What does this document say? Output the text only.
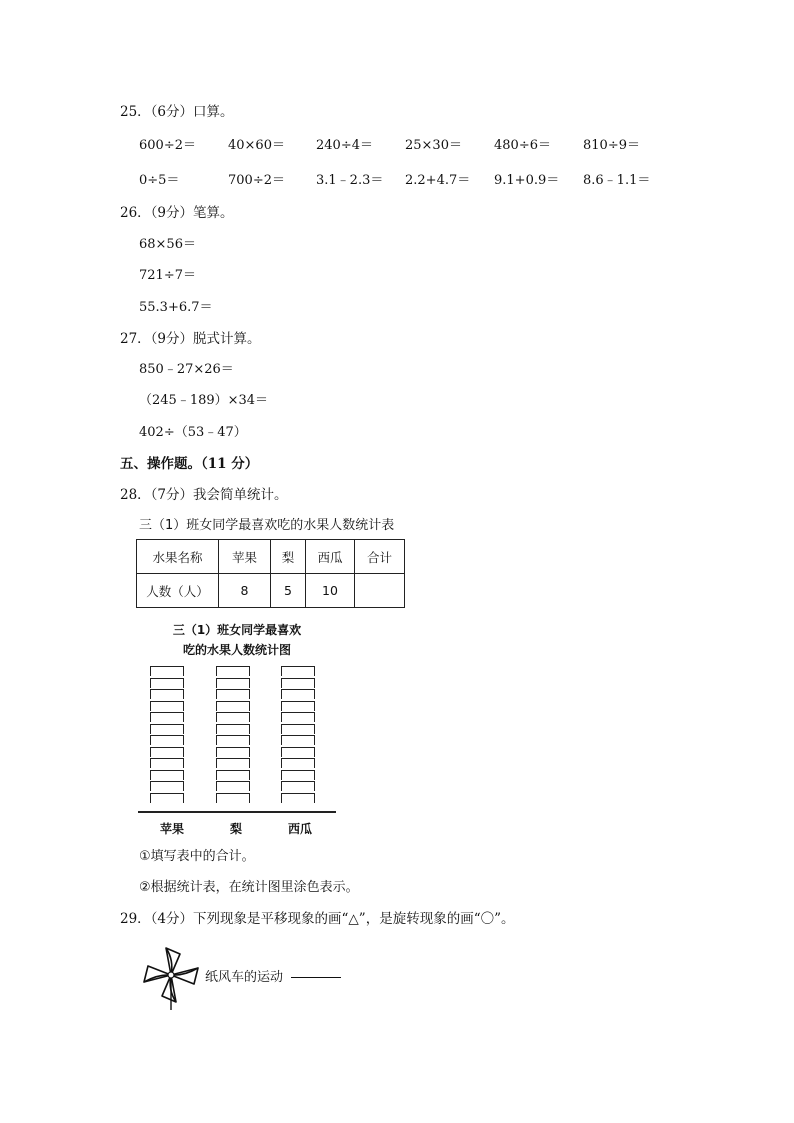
25．（6分）口算。
600÷2＝ 40×60＝ 240÷4＝ 25×30＝ 480÷6＝ 810÷9＝
0÷5＝	700÷2＝ 3.1﹣2.3＝ 2.2+4.7＝ 9.1+0.9＝ 8.6﹣1.1＝
26．（9分）笔算。
68×56＝
721÷7＝
55.3+6.7＝
27．（9分）脱式计算。
850﹣27×26＝
（245﹣189）×34＝
402÷（53﹣47）
五、操作题。（11 分）
28．（7分）我会简单统计。
三（1）班女同学最喜欢吃的水果人数统计表
水果名称	苹果	梨	西瓜	合计
人数（人）	8	5	10	
三（1）班女同学最喜欢
吃的水果人数统计图
苹果	梨	西瓜
①填写表中的合计。
②根据统计表，在统计图里涂色表示。
29．（4分）下列现象是平移现象的画“△”，是旋转现象的画“〇”。
纸风车的运动
